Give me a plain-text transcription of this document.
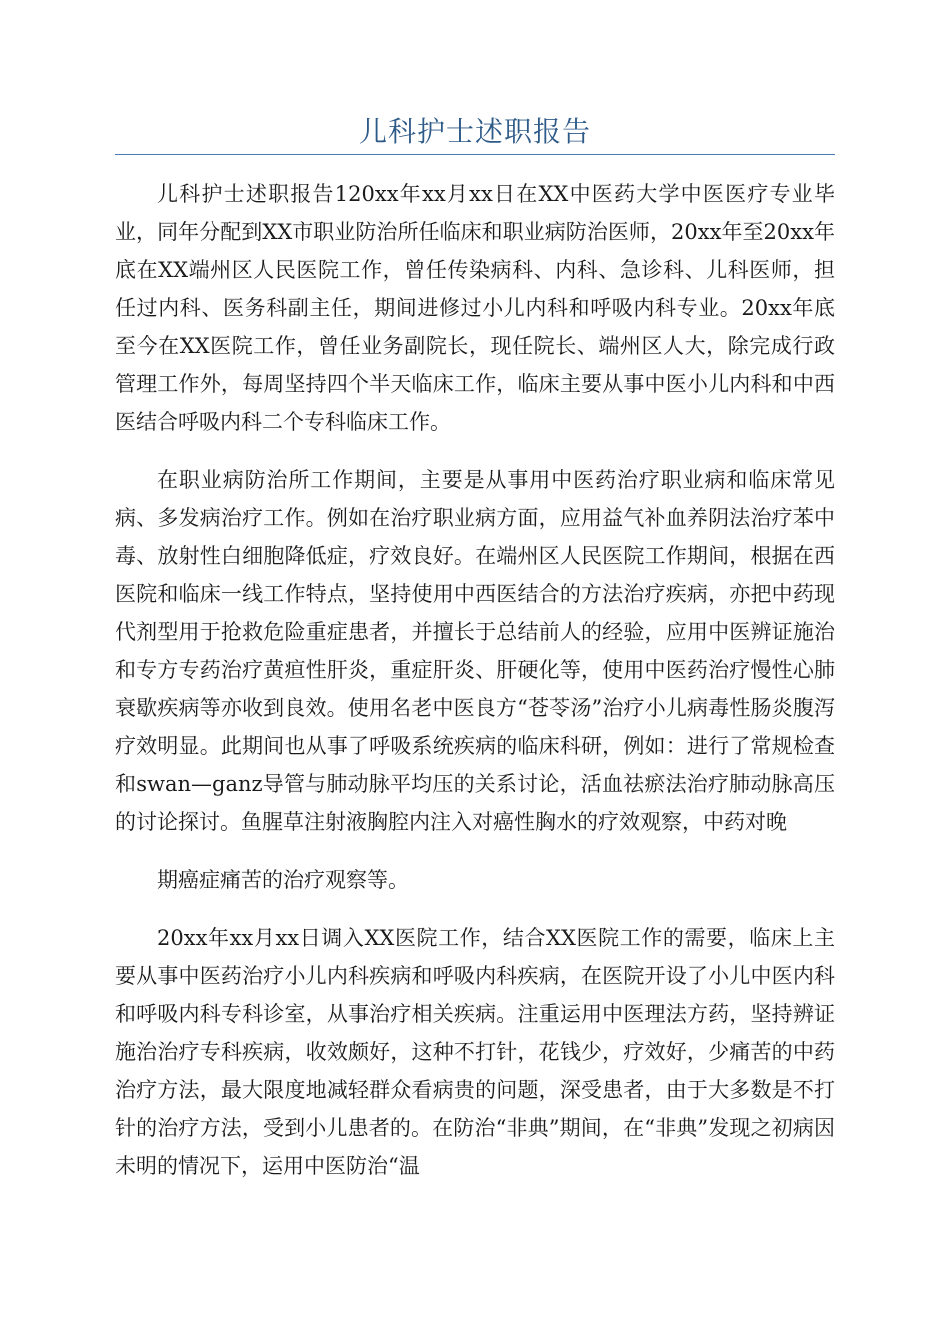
儿科护士述职报告

儿科护士述职报告120xx年xx月xx日在XX中医药大学中医医疗专业毕业，同年分配到XX市职业防治所任临床和职业病防治医师，20xx年至20xx年底在XX端州区人民医院工作，曾任传染病科、内科、急诊科、儿科医师，担任过内科、医务科副主任，期间进修过小儿内科和呼吸内科专业。20xx年底至今在XX医院工作，曾任业务副院长，现任院长、端州区人大，除完成行政管理工作外，每周坚持四个半天临床工作，临床主要从事中医小儿内科和中西医结合呼吸内科二个专科临床工作。

在职业病防治所工作期间，主要是从事用中医药治疗职业病和临床常见病、多发病治疗工作。例如在治疗职业病方面，应用益气补血养阴法治疗苯中毒、放射性白细胞降低症，疗效良好。在端州区人民医院工作期间，根据在西医院和临床一线工作特点，坚持使用中西医结合的方法治疗疾病，亦把中药现代剂型用于抢救危险重症患者，并擅长于总结前人的经验，应用中医辨证施治和专方专药治疗黄疸性肝炎，重症肝炎、肝硬化等，使用中医药治疗慢性心肺衰歇疾病等亦收到良效。使用名老中医良方“苍苓汤”治疗小儿病毒性肠炎腹泻疗效明显。此期间也从事了呼吸系统疾病的临床科研，例如：进行了常规检查和swan—ganz导管与肺动脉平均压的关系讨论，活血祛瘀法治疗肺动脉高压的讨论探讨。鱼腥草注射液胸腔内注入对癌性胸水的疗效观察，中药对晚

期癌症痛苦的治疗观察等。

20xx年xx月xx日调入XX医院工作，结合XX医院工作的需要，临床上主要从事中医药治疗小儿内科疾病和呼吸内科疾病，在医院开设了小儿中医内科和呼吸内科专科诊室，从事治疗相关疾病。注重运用中医理法方药，坚持辨证施治治疗专科疾病，收效颇好，这种不打针，花钱少，疗效好，少痛苦的中药治疗方法，最大限度地减轻群众看病贵的问题，深受患者，由于大多数是不打针的治疗方法，受到小儿患者的。在防治“非典”期间，在“非典”发现之初病因未明的情况下，运用中医防治“温
